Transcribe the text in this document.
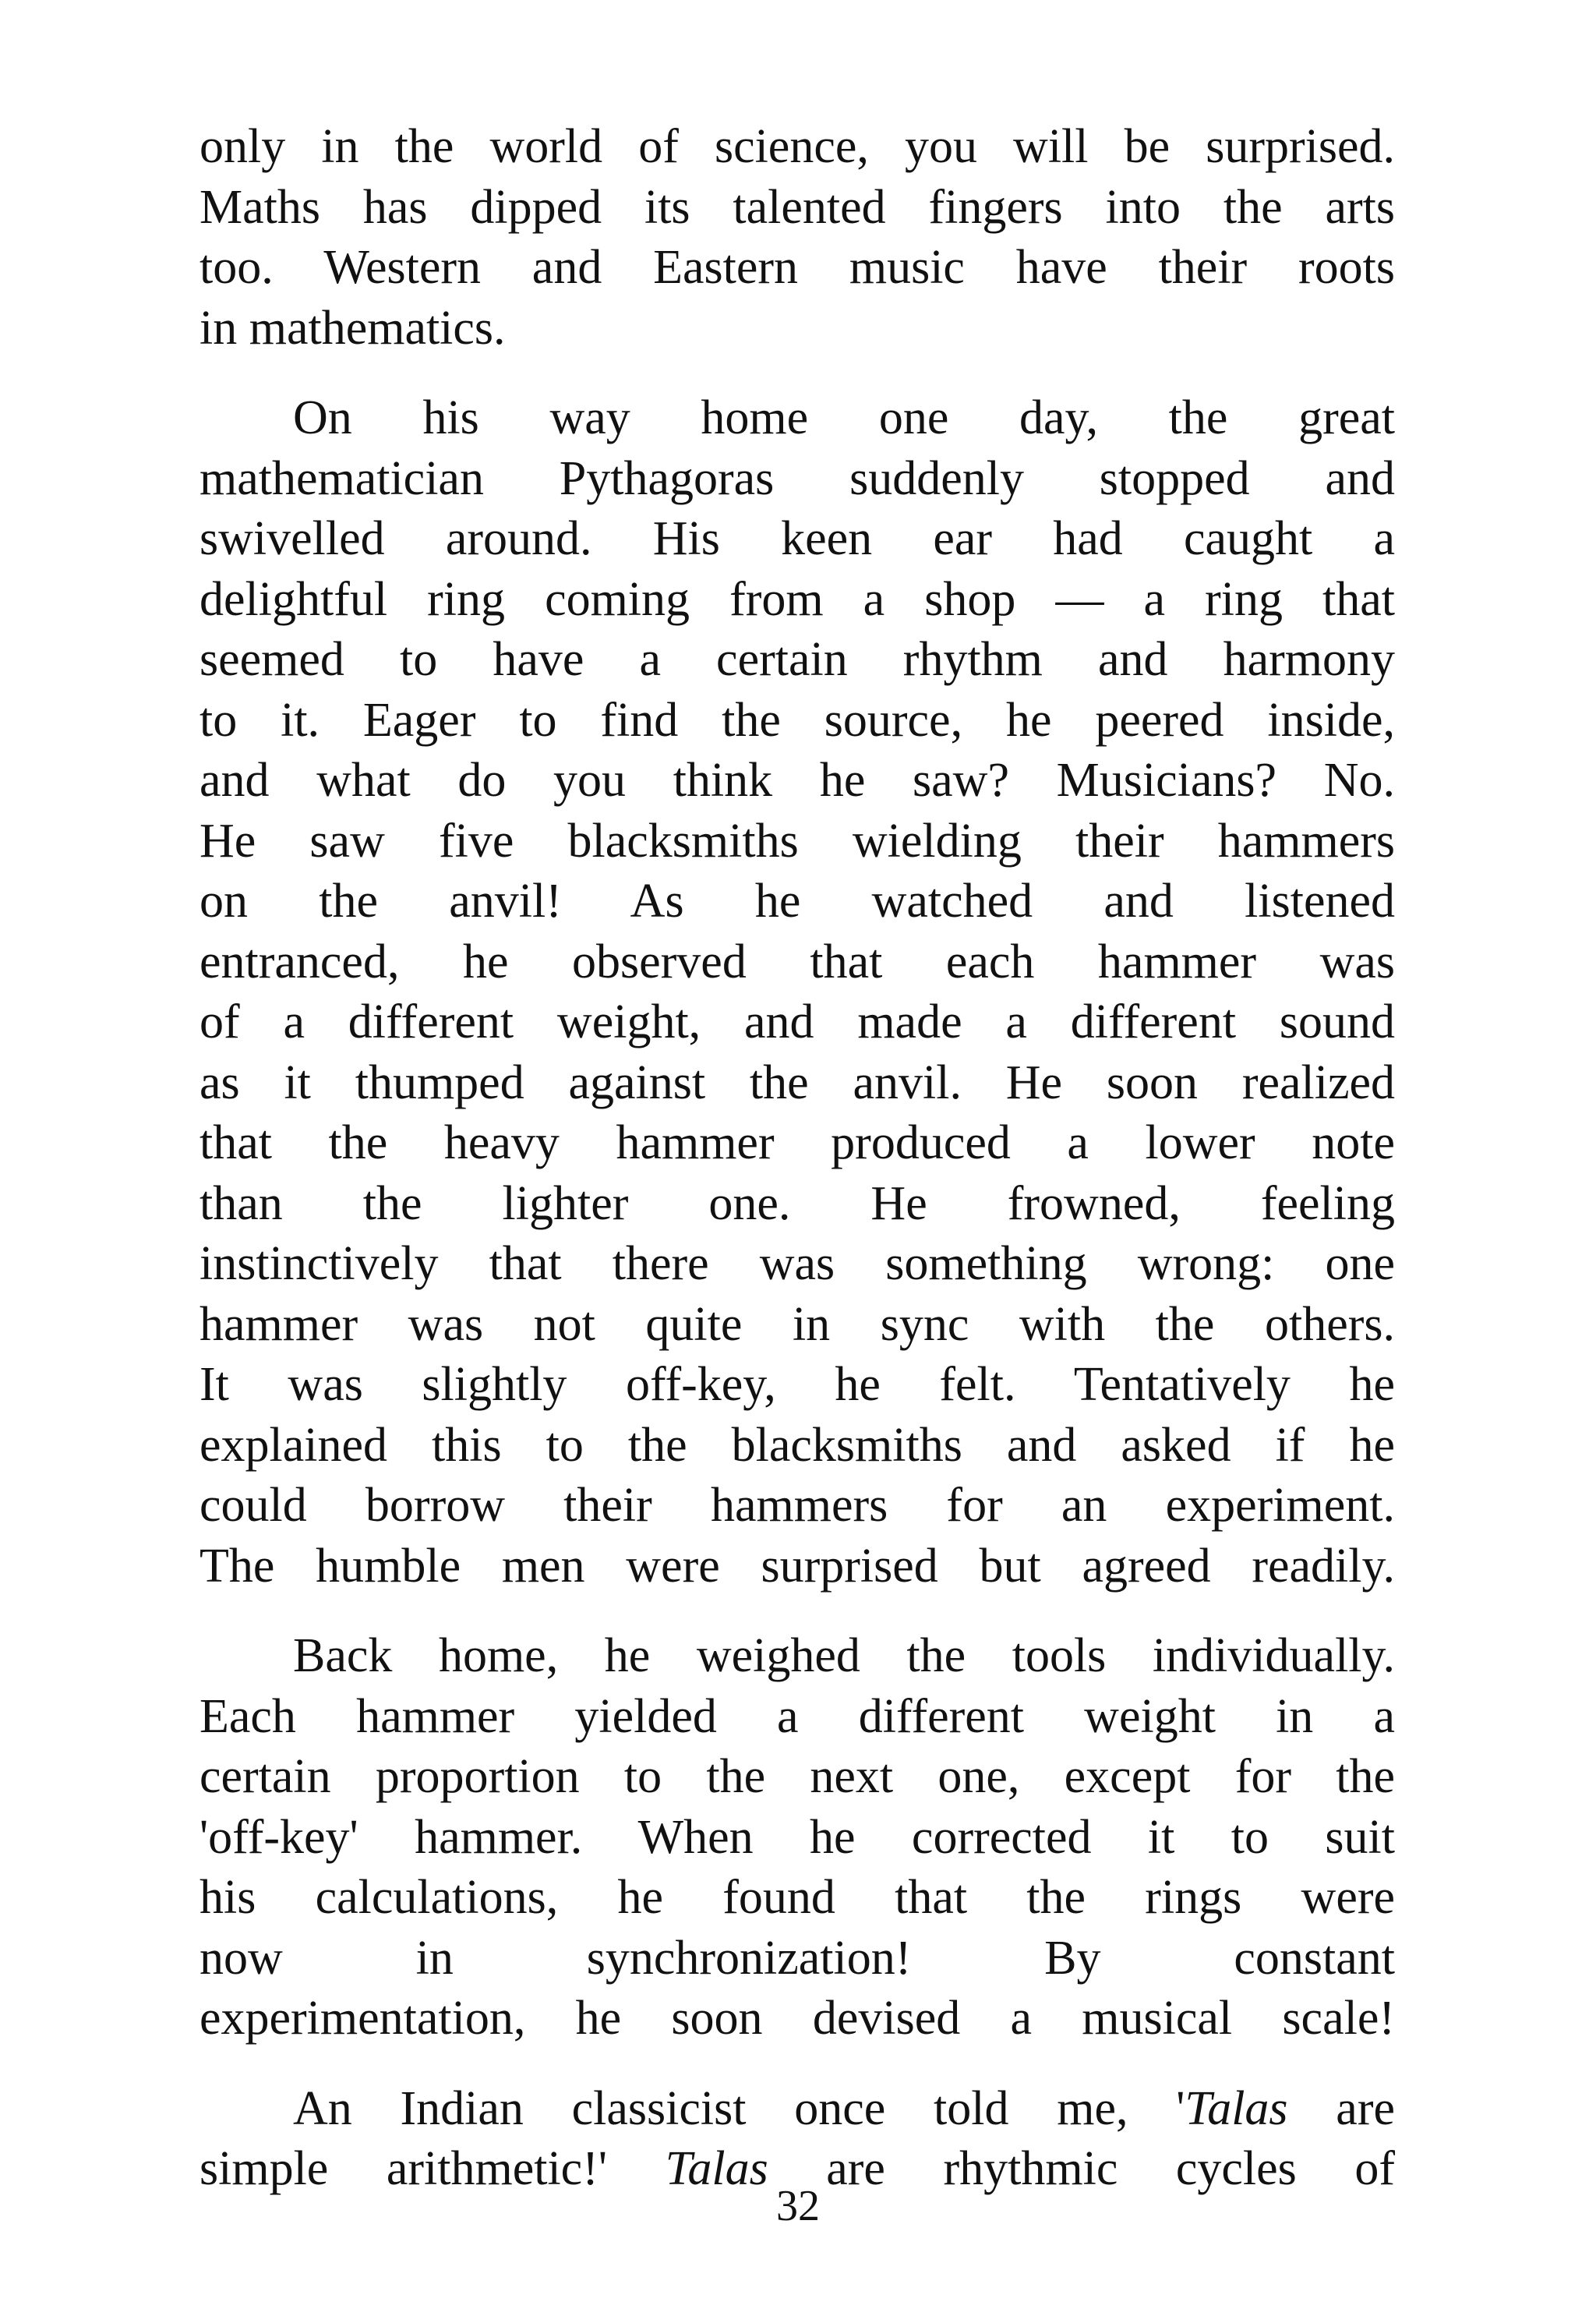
only in the world of science, you will be surprised.
Maths has dipped its talented fingers into the arts
too. Western and Eastern music have their roots
in mathematics.

On his way home one day, the great
mathematician Pythagoras suddenly stopped and
swivelled around. His keen ear had caught a
delightful ring coming from a shop — a ring that
seemed to have a certain rhythm and harmony
to it. Eager to find the source, he peered inside,
and what do you think he saw? Musicians? No.
He saw five blacksmiths wielding their hammers
on the anvil! As he watched and listened
entranced, he observed that each hammer was
of a different weight, and made a different sound
as it thumped against the anvil. He soon realized
that the heavy hammer produced a lower note
than the lighter one. He frowned, feeling
instinctively that there was something wrong: one
hammer was not quite in sync with the others.
It was slightly off-key, he felt. Tentatively he
explained this to the blacksmiths and asked if he
could borrow their hammers for an experiment.
The humble men were surprised but agreed readily.

Back home, he weighed the tools individually.
Each hammer yielded a different weight in a
certain proportion to the next one, except for the
'off-key' hammer. When he corrected it to suit
his calculations, he found that the rings were
now in synchronization! By constant
experimentation, he soon devised a musical scale!

An Indian classicist once told me, 'Talas are
simple arithmetic!' Talas are rhythmic cycles of

32
